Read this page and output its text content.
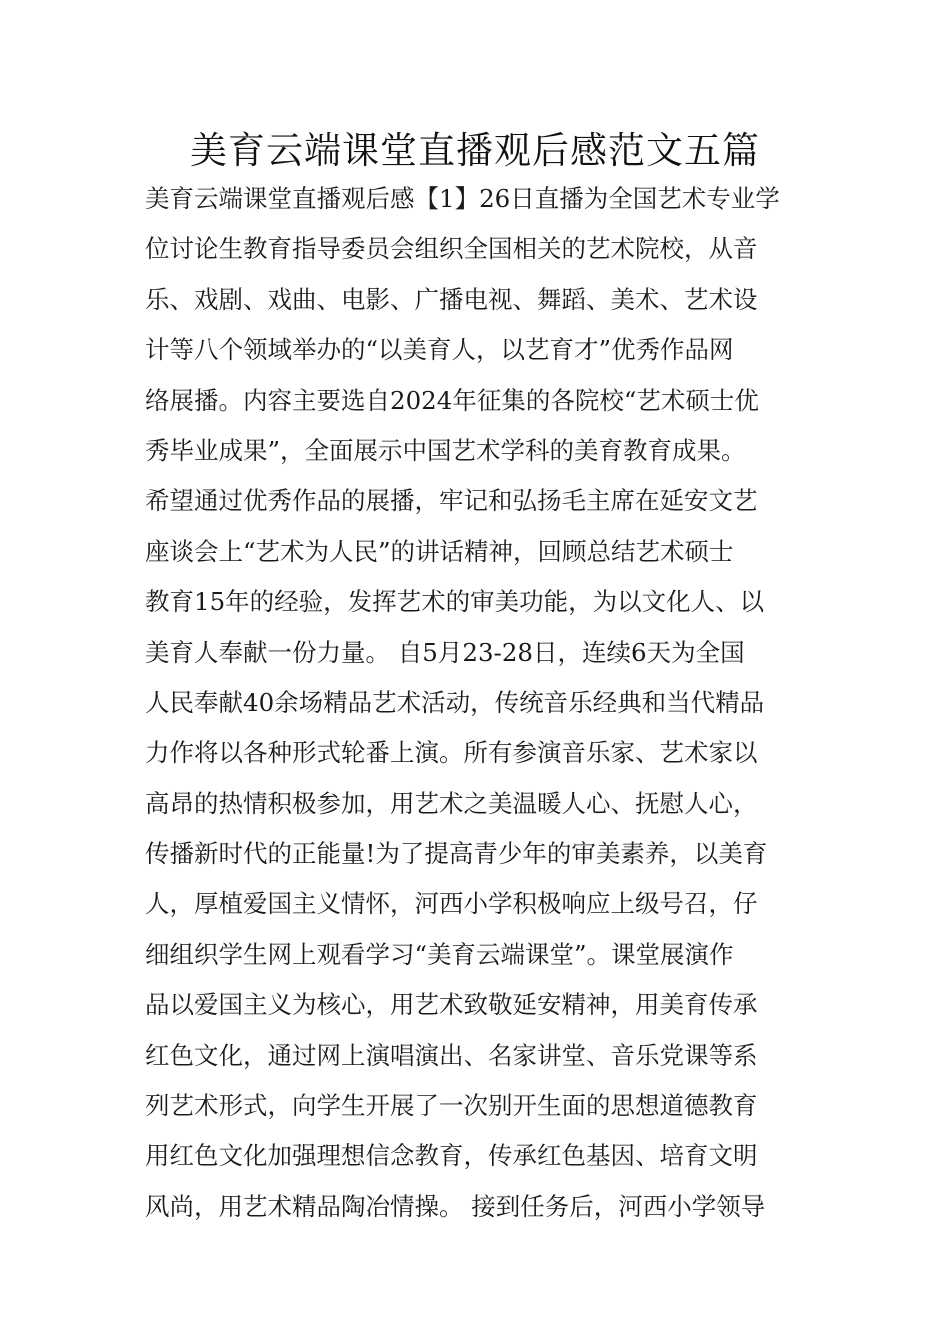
美育云端课堂直播观后感范文五篇
美育云端课堂直播观后感【1】26日直播为全国艺术专业学
位讨论生教育指导委员会组织全国相关的艺术院校，从音
乐、戏剧、戏曲、电影、广播电视、舞蹈、美术、艺术设
计等八个领域举办的“以美育人，以艺育才”优秀作品网
络展播。内容主要选自2024年征集的各院校“艺术硕士优
秀毕业成果”，全面展示中国艺术学科的美育教育成果。
希望通过优秀作品的展播，牢记和弘扬毛主席在延安文艺
座谈会上“艺术为人民”的讲话精神，回顾总结艺术硕士
教育15年的经验，发挥艺术的审美功能，为以文化人、以
美育人奉献一份力量。 自5月23-28日，连续6天为全国
人民奉献40余场精品艺术活动，传统音乐经典和当代精品
力作将以各种形式轮番上演。所有参演音乐家、艺术家以
高昂的热情积极参加，用艺术之美温暖人心、抚慰人心，
传播新时代的正能量!为了提高青少年的审美素养，以美育
人，厚植爱国主义情怀，河西小学积极响应上级号召，仔
细组织学生网上观看学习“美育云端课堂”。课堂展演作
品以爱国主义为核心，用艺术致敬延安精神，用美育传承
红色文化，通过网上演唱演出、名家讲堂、音乐党课等系
列艺术形式，向学生开展了一次别开生面的思想道德教育
用红色文化加强理想信念教育，传承红色基因、培育文明
风尚，用艺术精品陶冶情操。 接到任务后，河西小学领导
